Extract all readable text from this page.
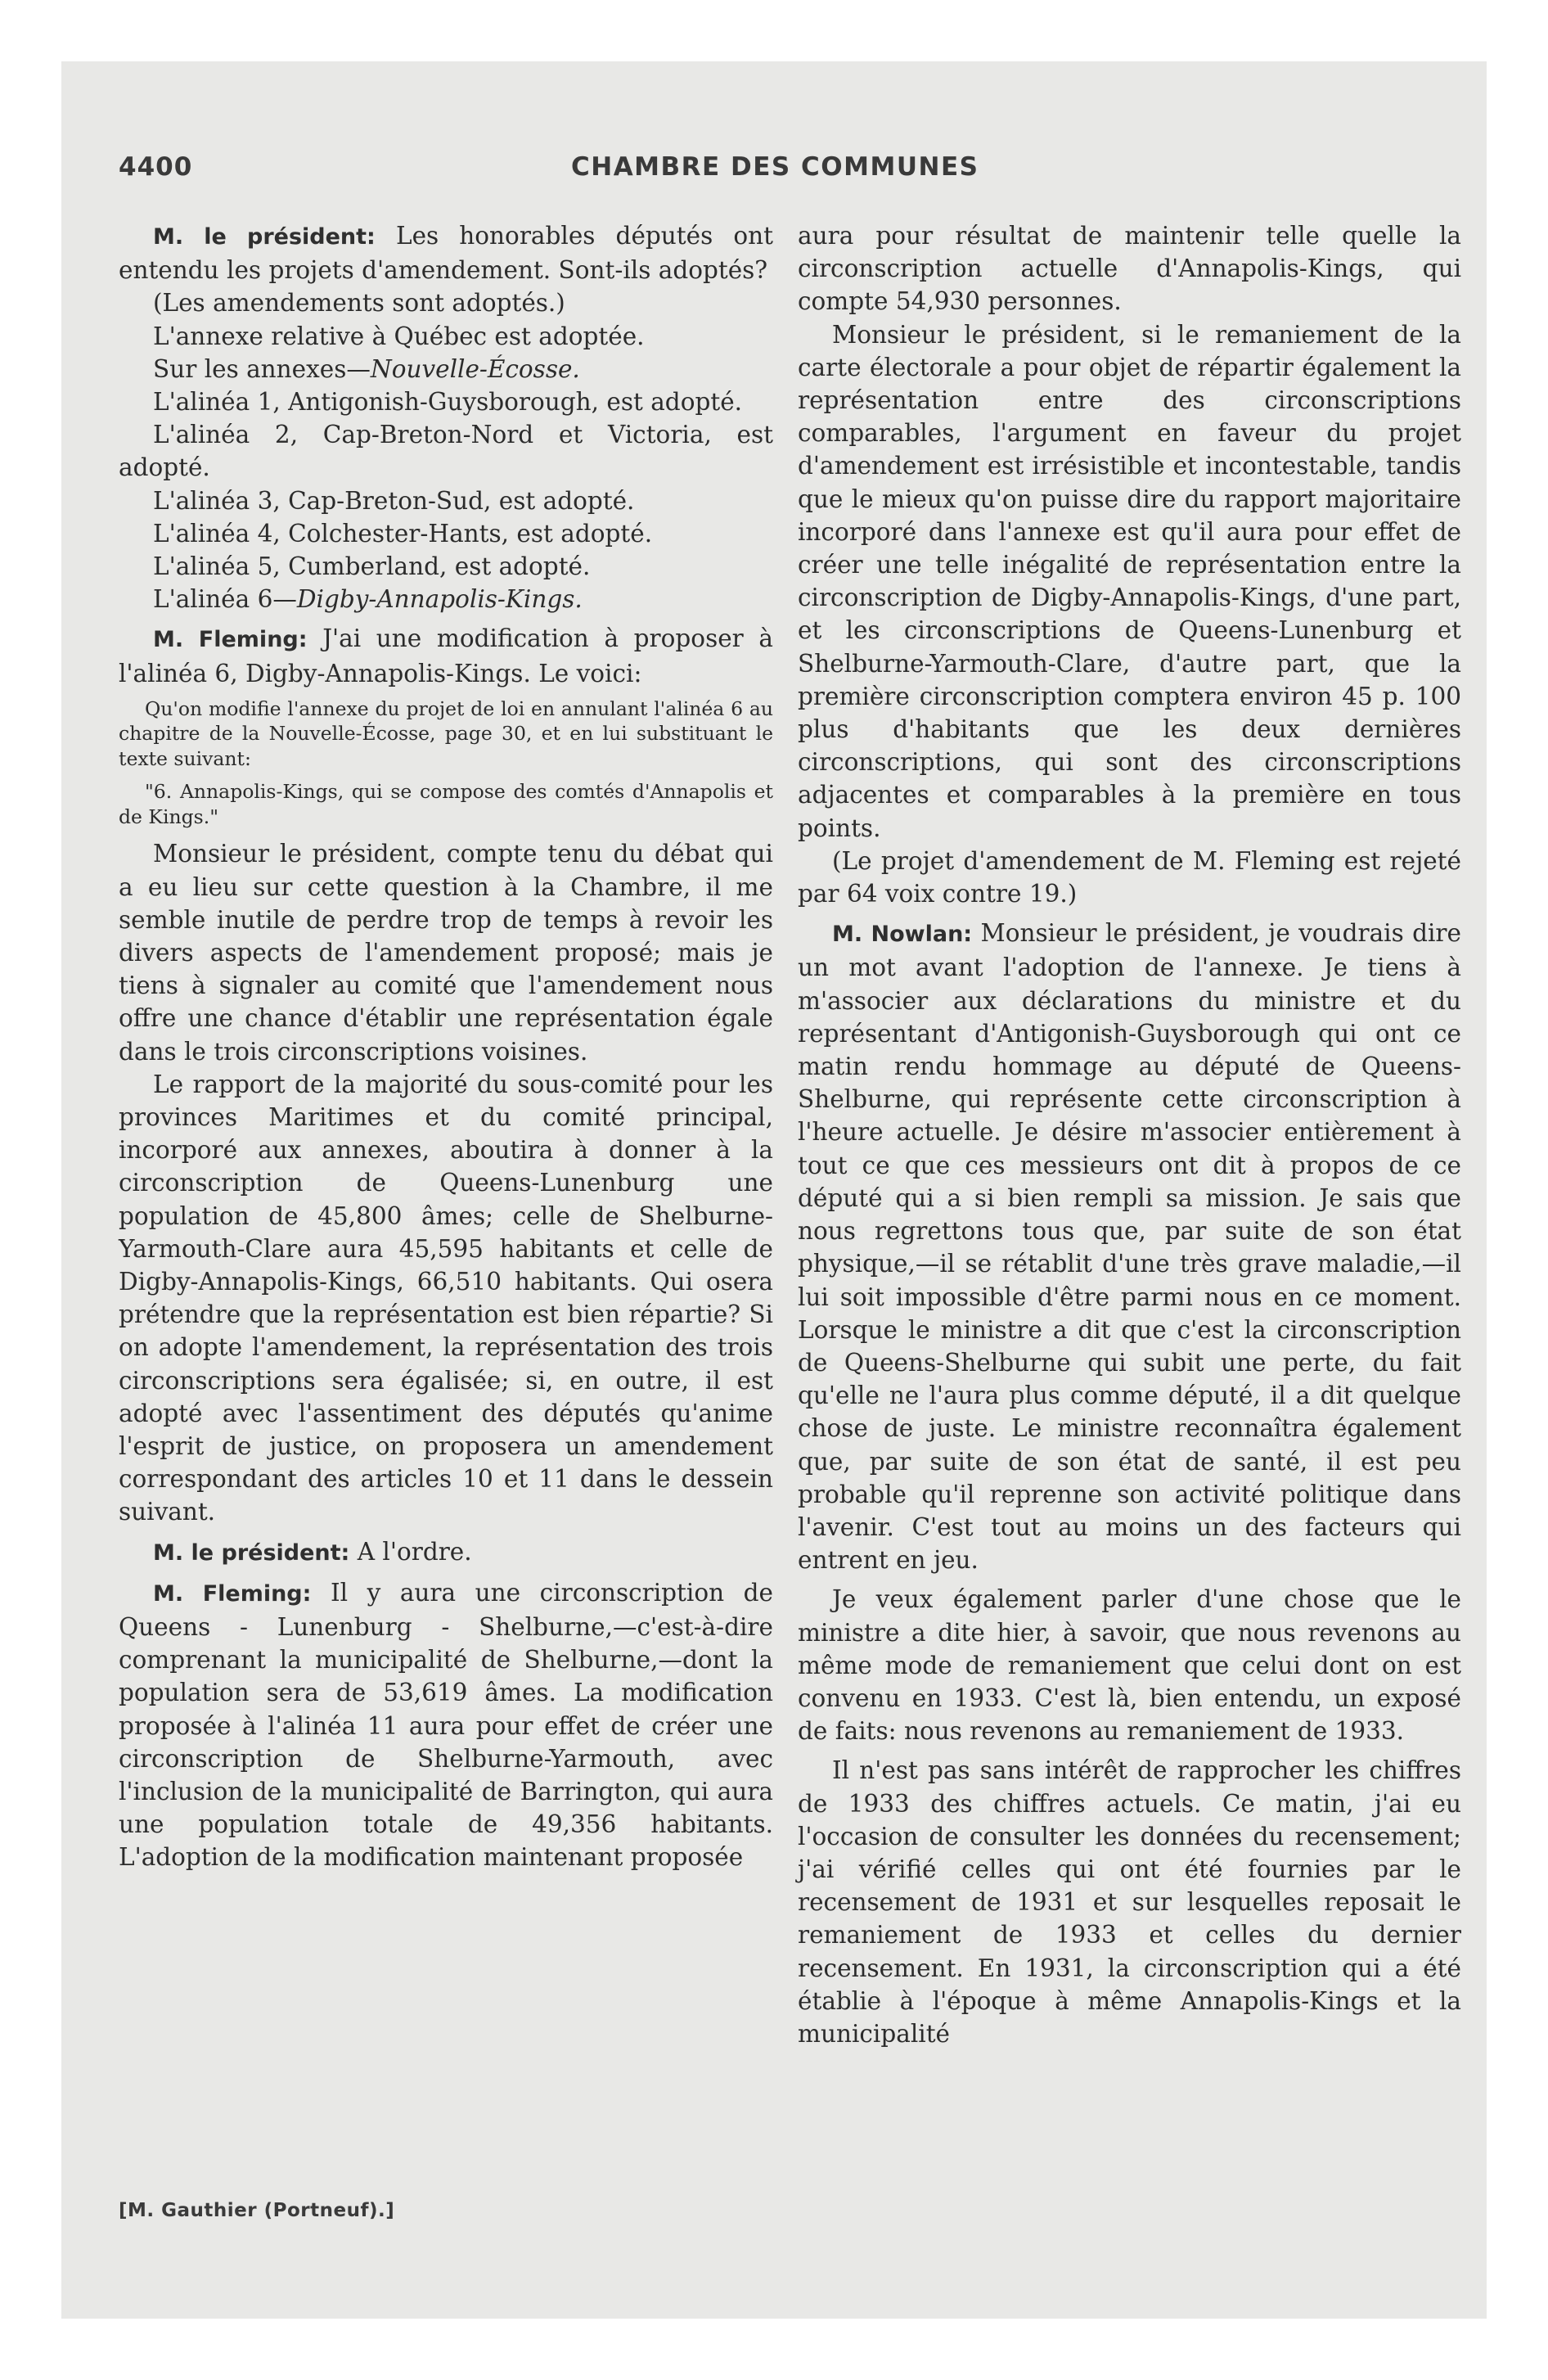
4400	CHAMBRE DES COMMUNES

M. le président: Les honorables députés ont entendu les projets d'amendement. Sont-ils adoptés?

(Les amendements sont adoptés.)

L'annexe relative à Québec est adoptée.

Sur les annexes—Nouvelle-Écosse.

L'alinéa 1, Antigonish-Guysborough, est adopté.

L'alinéa 2, Cap-Breton-Nord et Victoria, est adopté.

L'alinéa 3, Cap-Breton-Sud, est adopté.

L'alinéa 4, Colchester-Hants, est adopté.

L'alinéa 5, Cumberland, est adopté.

L'alinéa 6—Digby-Annapolis-Kings.

M. Fleming: J'ai une modification à proposer à l'alinéa 6, Digby-Annapolis-Kings. Le voici:

Qu'on modifie l'annexe du projet de loi en annulant l'alinéa 6 au chapitre de la Nouvelle-Écosse, page 30, et en lui substituant le texte suivant:

"6. Annapolis-Kings, qui se compose des comtés d'Annapolis et de Kings."

Monsieur le président, compte tenu du débat qui a eu lieu sur cette question à la Chambre, il me semble inutile de perdre trop de temps à revoir les divers aspects de l'amendement proposé; mais je tiens à signaler au comité que l'amendement nous offre une chance d'établir une représentation égale dans le trois circonscriptions voisines.

Le rapport de la majorité du sous-comité pour les provinces Maritimes et du comité principal, incorporé aux annexes, aboutira à donner à la circonscription de Queens-Lunenburg une population de 45,800 âmes; celle de Shelburne-Yarmouth-Clare aura 45,595 habitants et celle de Digby-Annapolis-Kings, 66,510 habitants. Qui osera prétendre que la représentation est bien répartie? Si on adopte l'amendement, la représentation des trois circonscriptions sera égalisée; si, en outre, il est adopté avec l'assentiment des députés qu'anime l'esprit de justice, on proposera un amendement correspondant des articles 10 et 11 dans le dessein suivant.

M. le président: A l'ordre.

M. Fleming: Il y aura une circonscription de Queens - Lunenburg - Shelburne,—c'est-à-dire comprenant la municipalité de Shelburne,—dont la population sera de 53,619 âmes. La modification proposée à l'alinéa 11 aura pour effet de créer une circonscription de Shelburne-Yarmouth, avec l'inclusion de la municipalité de Barrington, qui aura une population totale de 49,356 habitants. L'adoption de la modification maintenant proposée

aura pour résultat de maintenir telle quelle la circonscription actuelle d'Annapolis-Kings, qui compte 54,930 personnes.

Monsieur le président, si le remaniement de la carte électorale a pour objet de répartir également la représentation entre des circonscriptions comparables, l'argument en faveur du projet d'amendement est irrésistible et incontestable, tandis que le mieux qu'on puisse dire du rapport majoritaire incorporé dans l'annexe est qu'il aura pour effet de créer une telle inégalité de représentation entre la circonscription de Digby-Annapolis-Kings, d'une part, et les circonscriptions de Queens-Lunenburg et Shelburne-Yarmouth-Clare, d'autre part, que la première circonscription comptera environ 45 p. 100 plus d'habitants que les deux dernières circonscriptions, qui sont des circonscriptions adjacentes et comparables à la première en tous points.

(Le projet d'amendement de M. Fleming est rejeté par 64 voix contre 19.)

M. Nowlan: Monsieur le président, je voudrais dire un mot avant l'adoption de l'annexe. Je tiens à m'associer aux déclarations du ministre et du représentant d'Antigonish-Guysborough qui ont ce matin rendu hommage au député de Queens-Shelburne, qui représente cette circonscription à l'heure actuelle. Je désire m'associer entièrement à tout ce que ces messieurs ont dit à propos de ce député qui a si bien rempli sa mission. Je sais que nous regrettons tous que, par suite de son état physique,—il se rétablit d'une très grave maladie,—il lui soit impossible d'être parmi nous en ce moment. Lorsque le ministre a dit que c'est la circonscription de Queens-Shelburne qui subit une perte, du fait qu'elle ne l'aura plus comme député, il a dit quelque chose de juste. Le ministre reconnaîtra également que, par suite de son état de santé, il est peu probable qu'il reprenne son activité politique dans l'avenir. C'est tout au moins un des facteurs qui entrent en jeu.

Je veux également parler d'une chose que le ministre a dite hier, à savoir, que nous revenons au même mode de remaniement que celui dont on est convenu en 1933. C'est là, bien entendu, un exposé de faits: nous revenons au remaniement de 1933.

Il n'est pas sans intérêt de rapprocher les chiffres de 1933 des chiffres actuels. Ce matin, j'ai eu l'occasion de consulter les données du recensement; j'ai vérifié celles qui ont été fournies par le recensement de 1931 et sur lesquelles reposait le remaniement de 1933 et celles du dernier recensement. En 1931, la circonscription qui a été établie à l'époque à même Annapolis-Kings et la municipalité

[M. Gauthier (Portneuf).]
